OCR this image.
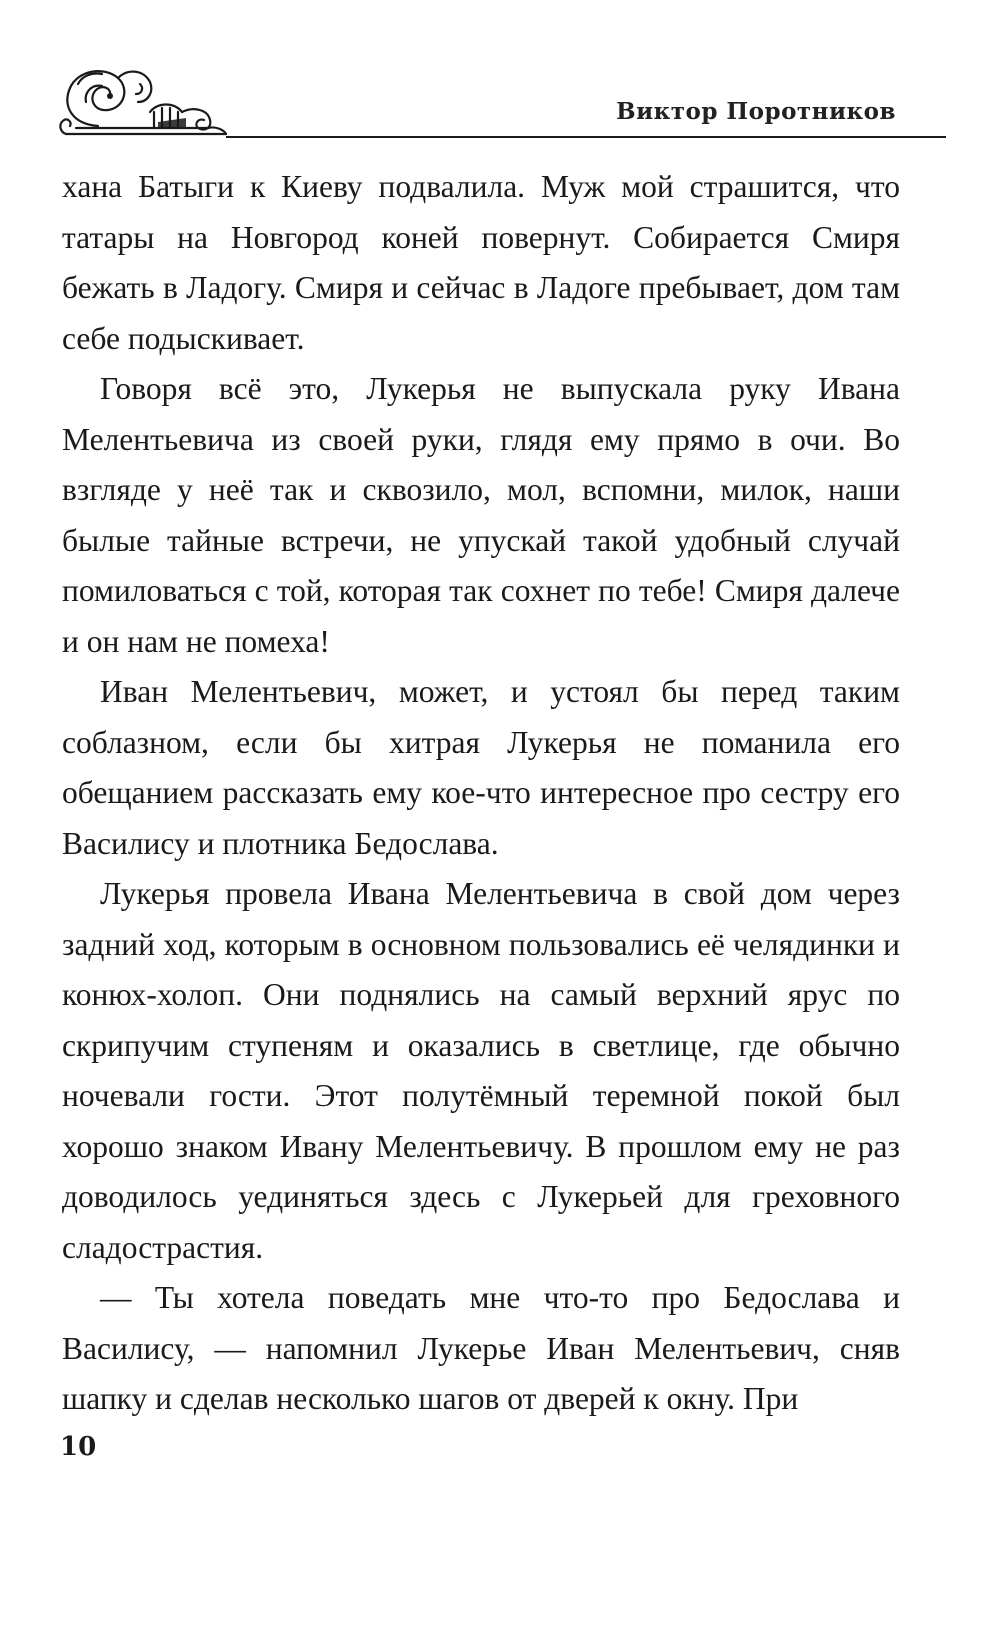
Виктор Поротников

хана Батыги к Киеву подвалила. Муж мой страшится, что татары на Новгород коней повернут. Собирается Смиря бежать в Ладогу. Смиря и сейчас в Ладоге пребывает, дом там себе подыскивает.

Говоря всё это, Лукерья не выпускала руку Ивана Мелентьевича из своей руки, глядя ему прямо в очи. Во взгляде у неё так и сквозило, мол, вспомни, милок, наши былые тайные встречи, не упускай такой удобный случай помиловаться с той, которая так сохнет по тебе! Смиря далече и он нам не помеха!

Иван Мелентьевич, может, и устоял бы перед таким соблазном, если бы хитрая Лукерья не поманила его обещанием рассказать ему кое-что интересное про сестру его Василису и плотника Бедослава.

Лукерья провела Ивана Мелентьевича в свой дом через задний ход, которым в основном пользовались её челядинки и конюх-холоп. Они поднялись на самый верхний ярус по скрипучим ступеням и оказались в светлице, где обычно ночевали гости. Этот полутёмный теремной покой был хорошо знаком Ивану Мелентьевичу. В прошлом ему не раз доводилось уединяться здесь с Лукерьей для греховного сладострастия.

— Ты хотела поведать мне что-то про Бедослава и Василису, — напомнил Лукерье Иван Мелентьевич, сняв шапку и сделав несколько шагов от дверей к окну. При

10
